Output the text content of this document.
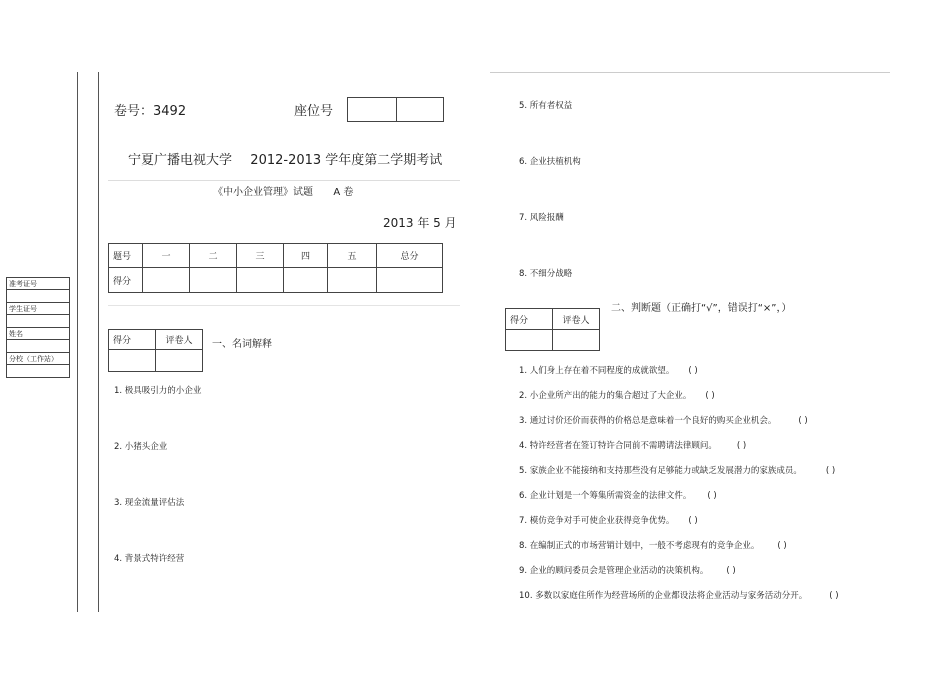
准考证号

学生证号

姓名

分校（工作站）

卷号：3492	座位号

宁夏广播电视大学 2012-2013 学年度第二学期考试
《中小企业管理》试题 A 卷
2013 年 5 月
题号	一	二	三	四	五	总分
得分						
得分	评卷人
	一、名词解释
1. 极具吸引力的小企业
2. 小猪头企业
3. 现金流量评估法
4. 背景式特许经营
5. 所有者权益
6. 企业扶植机构
7. 风险报酬
8. 不细分战略
得分	评卷人

二、判断题（正确打“√”，错误打“×”，）
1. 人们身上存在着不同程度的成就欲望。 ( )
2. 小企业所产出的能力的集合超过了大企业。 ( )
3. 通过讨价还价而获得的价格总是意味着一个良好的购买企业机会。	( )
4. 特许经营者在签订特许合同前不需聘请法律顾问。 ( )
5. 家族企业不能接纳和支持那些没有足够能力或缺乏发展潜力的家族成员。	( )
6. 企业计划是一个筹集所需资金的法律文件。 ( )
7. 模仿竞争对手可使企业获得竞争优势。 ( )
8. 在编制正式的市场营销计划中，一般不考虑现有的竞争企业。 ( )
9. 企业的顾问委员会是管理企业活动的决策机构。 ( )
10. 多数以家庭住所作为经营场所的企业都设法将企业活动与家务活动分开。	( )
